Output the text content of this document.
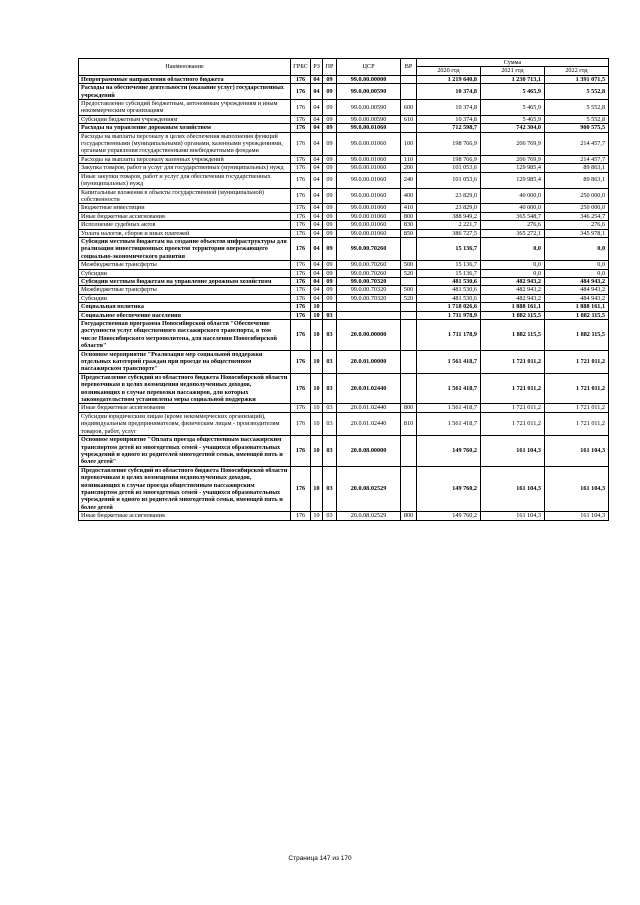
Наименование	ГРБС	РЗ	ПР	ЦСР	ВР	Сумма		
						2020 год	2021 год	2022 год
Непрограммные направления областного бюджета	176	04	09	99.0.00.00000		1 219 640,8	1 230 713,1	1 391 071,5
Расходы на обеспечение деятельности (оказание услуг) государственных учреждений	176	04	09	99.0.00.00590		10 374,8	5 465,9	5 552,8
Предоставление субсидий бюджетным, автономным учреждениям и иным некоммерческим организациям	176	04	09	99.0.00.00590	600	10 374,8	5 465,9	5 552,8
Субсидии бюджетным учреждениям	176	04	09	99.0.00.00590	610	10 374,8	5 465,9	5 552,8
Расходы на управление дорожным хозяйством	176	04	09	99.0.00.01060		712 598,7	742 304,0	900 575,5
Расходы на выплаты персоналу в целях обеспечения выполнения функций государственными (муниципальными) органами, казенными учреждениями, органами управления государственными внебюджетными фондами	176	04	09	99.0.00.01060	100	198 766,9	206 769,9	214 457,7
Расходы на выплаты персоналу казенных учреждений	176	04	09	99.0.00.01060	110	198 766,9	206 769,9	214 457,7
Закупка товаров, работ и услуг для государственных (муниципальных) нужд	176	04	09	99.0.00.01060	200	101 053,6	129 985,4	89 863,1
Иные закупки товаров, работ и услуг для обеспечения государственных (муниципальных) нужд	176	04	09	99.0.00.01060	240	101 053,6	129 985,4	89 863,1
Капитальные вложения в объекты государственной (муниципальной) собственности	176	04	09	99.0.00.01060	400	23 829,0	40 000,0	250 000,0
Бюджетные инвестиции	176	04	09	99.0.00.01060	410	23 829,0	40 000,0	250 000,0
Иные бюджетные ассигнования	176	04	09	99.0.00.01060	800	388 949,2	365 548,7	346 254,7
Исполнение судебных актов	176	04	09	99.0.00.01060	830	2 221,7	276,6	276,6
Уплата налогов, сборов и иных платежей	176	04	09	99.0.00.01060	850	386 727,5	365 272,1	345 978,1
Субсидии местным бюджетам на создание объектов инфраструктуры для реализации инвестиционных проектов территории опережающего социально-экономического развития	176	04	09	99.0.00.70260		15 136,7	0,0	0,0
Межбюджетные трансферты	176	04	09	99.0.00.70260	500	15 136,7	0,0	0,0
Субсидии	176	04	09	99.0.00.70260	520	15 136,7	0,0	0,0
Субсидии местным бюджетам на управление дорожным хозяйством	176	04	09	99.0.00.70320		481 530,6	482 943,2	484 943,2
Межбюджетные трансферты	176	04	09	99.0.00.70320	500	481 530,6	482 943,2	484 943,2
Субсидии	176	04	09	99.0.00.70320	520	481 530,6	482 943,2	484 943,2
Социальная политика	176	10				1 718 026,6	1 888 161,1	1 888 161,1
Социальное обеспечение населения	176	10	03			1 711 978,9	1 882 115,5	1 882 115,5
Государственная программа Новосибирской области "Обеспечение доступности услуг общественного пассажирского транспорта, в том числе Новосибирского метрополитена, для населения Новосибирской области"	176	10	03	20.0.00.00000		1 711 178,9	1 882 115,5	1 882 115,5
Основное мероприятие "Реализация мер социальной поддержки отдельных категорий граждан при проезде на общественном пассажирском транспорте"	176	10	03	20.0.01.00000		1 561 418,7	1 721 011,2	1 721 011,2
Предоставление субсидий из областного бюджета Новосибирской области перевозчикам в целях возмещения недополученных доходов, возникающих в случае перевозки пассажиров, для которых законодательством установлены меры социальной поддержки	176	10	03	20.0.01.02440		1 561 418,7	1 721 011,2	1 721 011,2
Иные бюджетные ассигнования	176	10	03	20.0.01.02440	800	1 561 418,7	1 721 011,2	1 721 011,2
Субсидии юридическим лицам (кроме некоммерческих организаций), индивидуальным предпринимателям, физическим лицам - производителям товаров, работ, услуг	176	10	03	20.0.01.02440	810	1 561 418,7	1 721 011,2	1 721 011,2
Основное мероприятие "Оплата проезда общественным пассажирским транспортом детей из многодетных семей - учащихся образовательных учреждений и одного из родителей многодетной семьи, имеющей пять и более детей"	176	10	03	20.0.08.00000		149 760,2	161 104,3	161 104,3
Предоставление субсидий из областного бюджета Новосибирской области перевозчикам в целях возмещения недополученных доходов, возникающих в случае проезда общественным пассажирским транспортом детей из многодетных семей - учащихся образовательных учреждений и одного из родителей многодетной семьи, имеющей пять и более детей	176	10	03	20.0.08.02529		149 760,2	161 104,3	161 104,3
Иные бюджетные ассигнования	176	10	03	20.0.08.02529	800	149 760,2	161 104,3	161 104,3
Страница 147 из 170
